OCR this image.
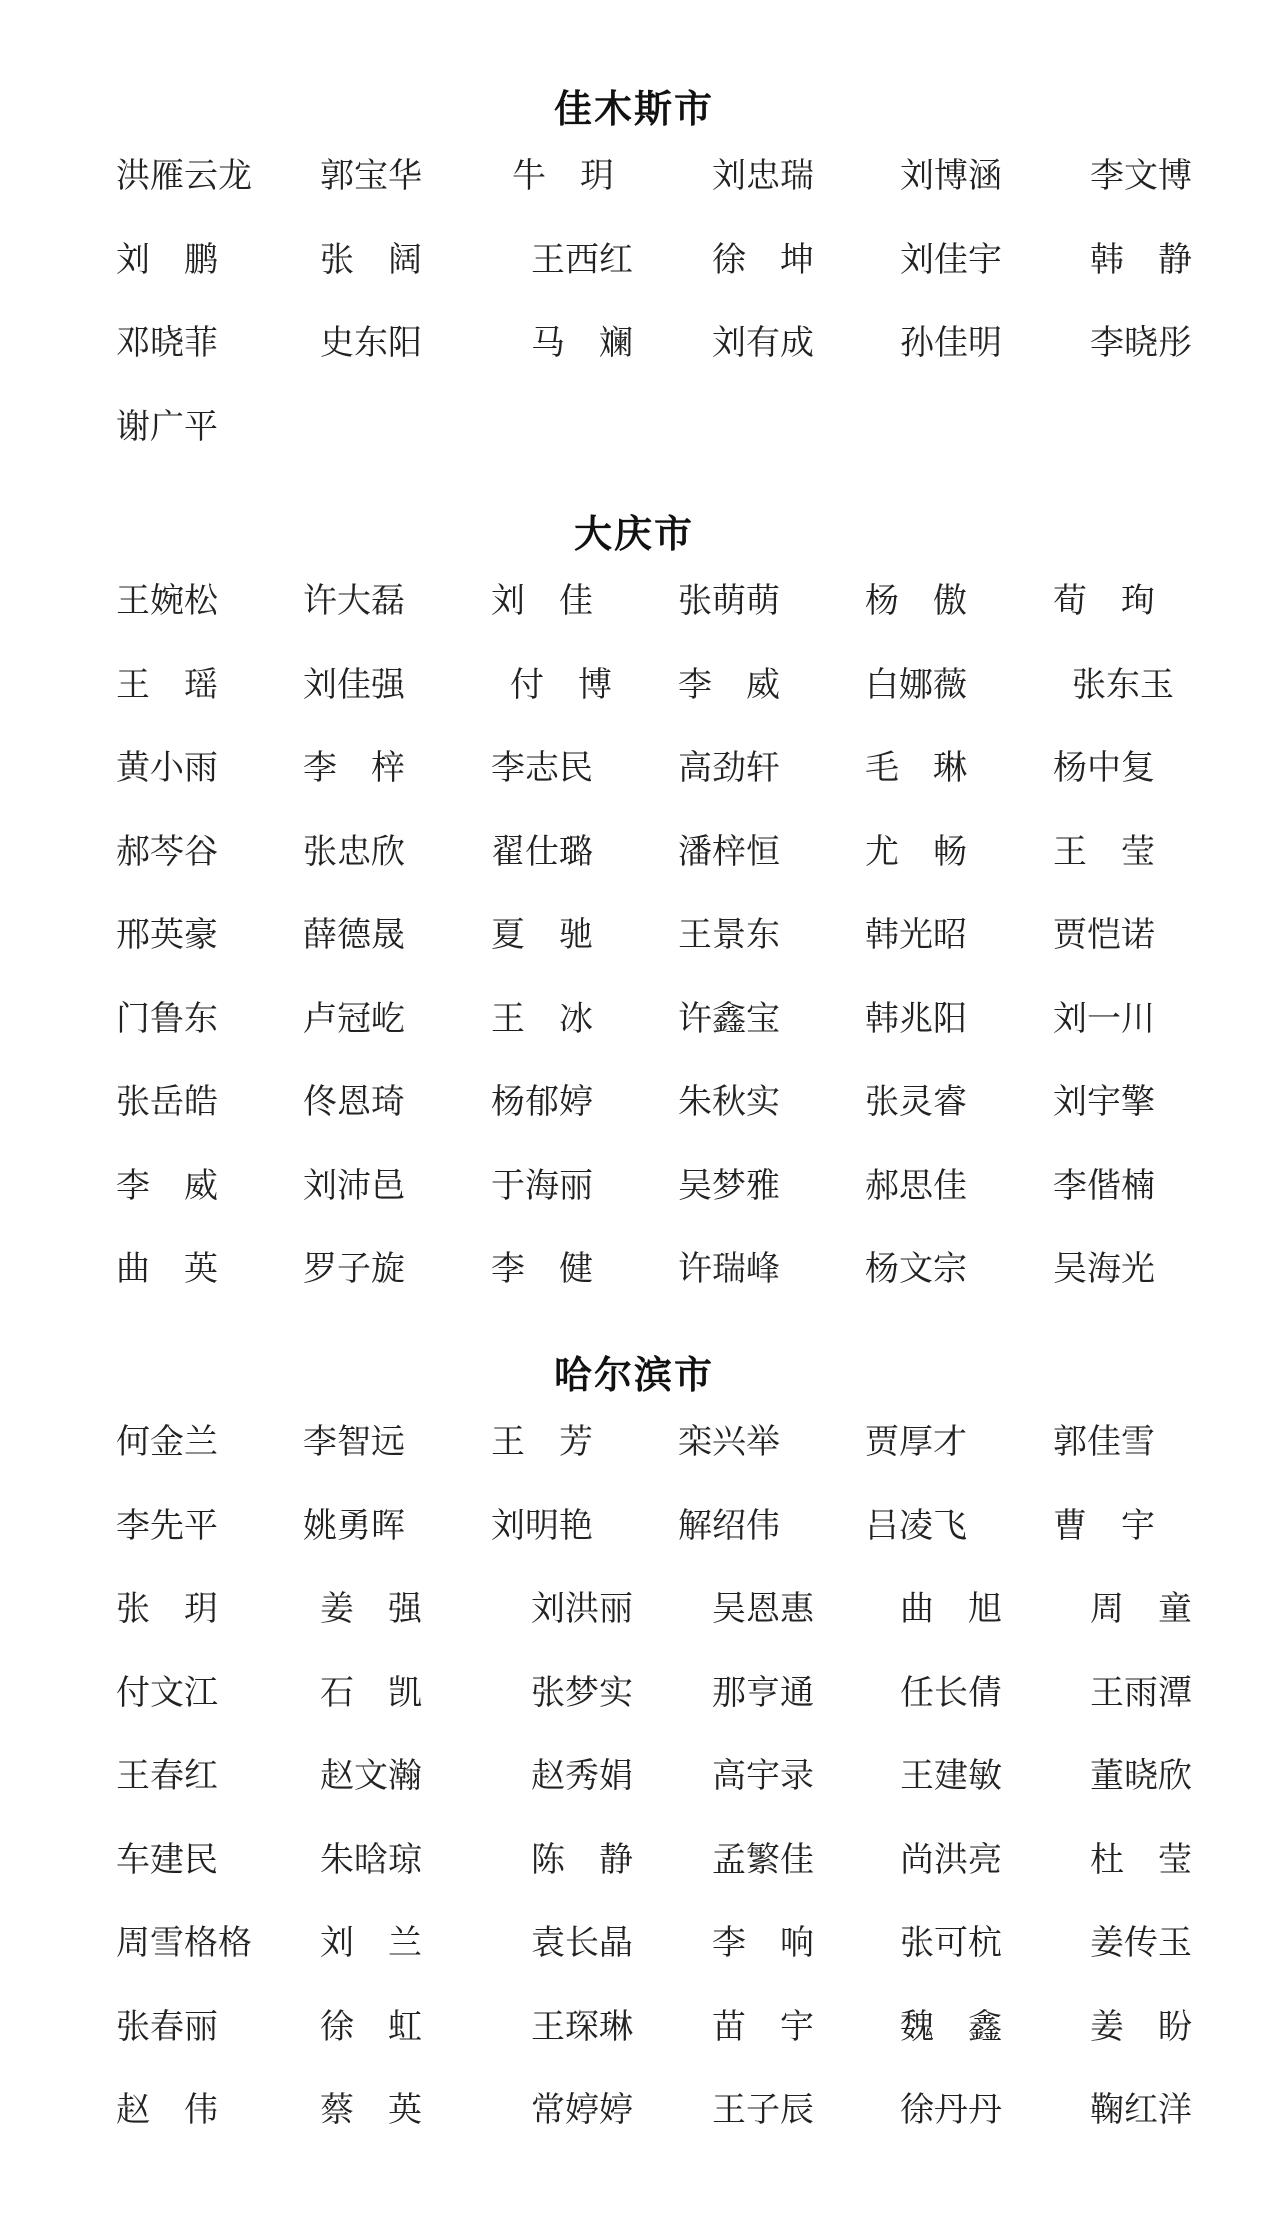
佳木斯市
洪雁云龙 郭宝华	牛　玥	刘忠瑞	刘博涵	李文博
刘　鹏	张　阔	王西红 徐　坤	刘佳宇	韩　静
邓晓菲	史东阳	马　斓 刘有成	孙佳明	李晓彤
谢广平
大庆市
王婉松	许大磊	刘　佳	张萌萌	杨　傲	荀　珣
王　瑶	刘佳强	付　博 李　威	白娜薇	张东玉
黄小雨	李　梓	李志民	高劲轩	毛　琳	杨中复
郝芩谷	张忠欣	翟仕璐	潘梓恒	尤　畅	王　莹
邢英豪	薛德晟	夏　驰	王景东	韩光昭	贾恺诺
门鲁东	卢冠屹	王　冰	许鑫宝	韩兆阳	刘一川
张岳皓	佟恩琦	杨郁婷	朱秋实	张灵睿	刘宇擎
李　威	刘沛邑	于海丽	吴梦雅	郝思佳	李偕楠
曲　英	罗子旋	李　健	许瑞峰	杨文宗	吴海光
哈尔滨市
何金兰	李智远	王　芳	栾兴举	贾厚才	郭佳雪
李先平	姚勇晖	刘明艳	解绍伟	吕凌飞	曹　宇
张　玥	姜　强	刘洪丽 吴恩惠	曲　旭	周　童
付文江	石　凯	张梦实 那亨通	任长倩	王雨潭
王春红	赵文瀚	赵秀娟 高宇录	王建敏	董晓欣
车建民	朱晗琼	陈　静 孟繁佳	尚洪亮	杜　莹
周雪格格 刘　兰	袁长晶 李　响	张可杭	姜传玉
张春丽	徐　虹	王琛琳 苗　宇	魏　鑫	姜　盼
赵　伟	蔡　英	常婷婷 王子辰	徐丹丹	鞠红洋
